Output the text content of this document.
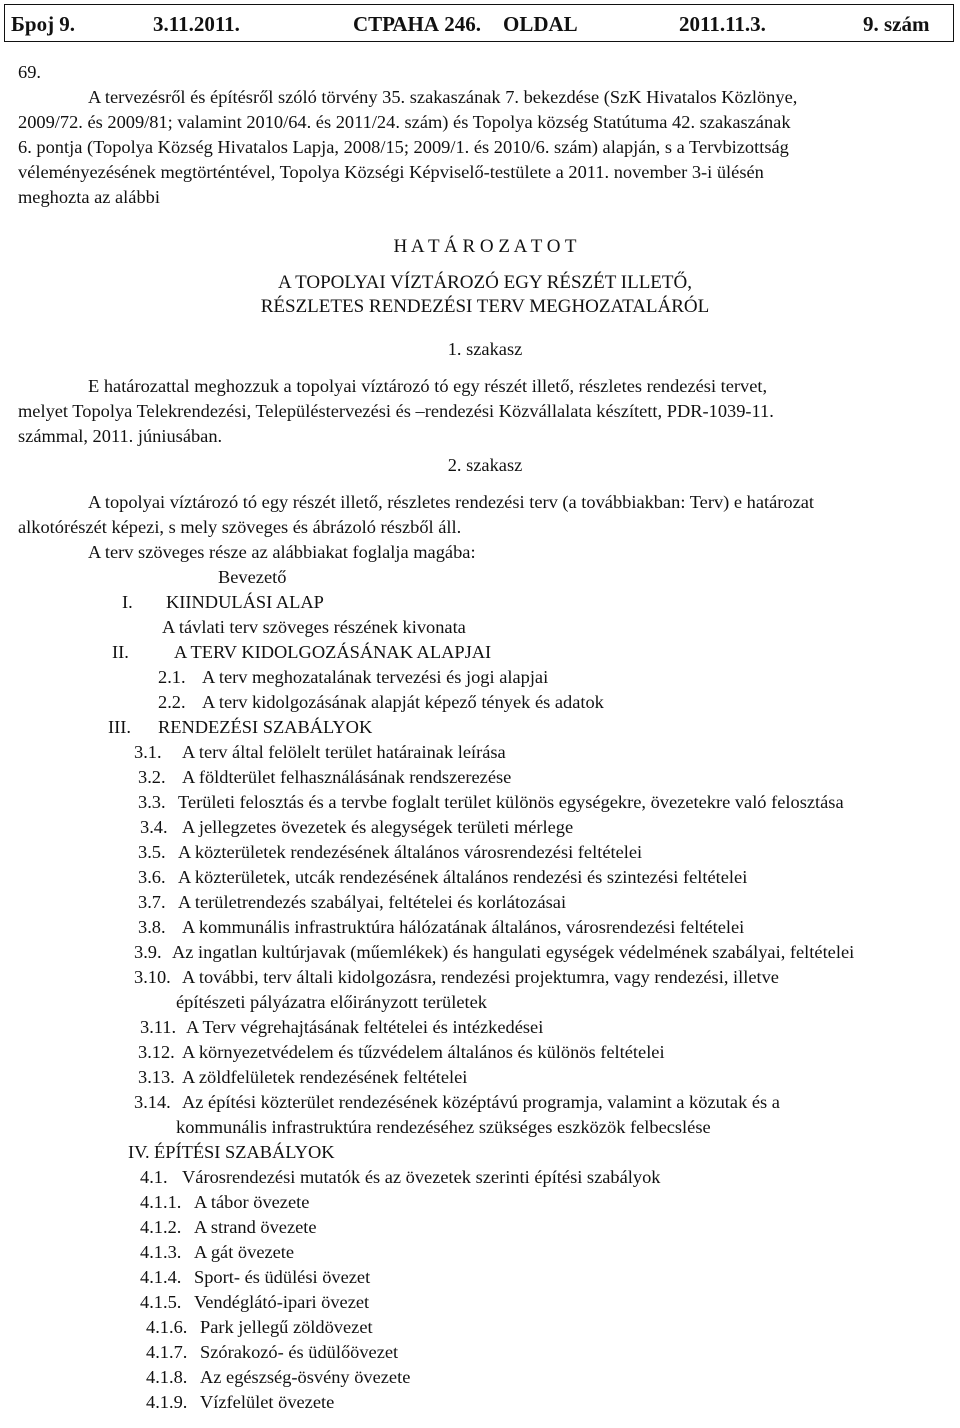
Број 9.	3.11.2011.	СТРАНА 246. OLDAL	2011.11.3.	9. szám
69.
A tervezésről és építésről szóló törvény 35. szakaszának 7. bekezdése (SzK Hivatalos Közlönye,
2009/72. és 2009/81; valamint 2010/64. és 2011/24. szám) és Topolya község Statútuma 42. szakaszának
6. pontja (Topolya Község Hivatalos Lapja, 2008/15; 2009/1. és 2010/6. szám) alapján, s a Tervbizottság
véleményezésének megtörténtével, Topolya Községi Képviselő-testülete a 2011. november 3-i ülésén
meghozta az alábbi
H A T Á R O Z A T O T
A TOPOLYAI VÍZTÁROZÓ EGY RÉSZÉT ILLETŐ,
RÉSZLETES RENDEZÉSI TERV MEGHOZATALÁRÓL
1. szakasz
E határozattal meghozzuk a topolyai víztározó tó egy részét illető, részletes rendezési tervet,
melyet Topolya Telekrendezési, Településtervezési és –rendezési Közvállalata készített, PDR-1039-11.
számmal, 2011. júniusában.
2. szakasz
A topolyai víztározó tó egy részét illető, részletes rendezési terv (a továbbiakban: Terv) e határozat
alkotórészét képezi, s mely szöveges és ábrázoló részből áll.
A terv szöveges része az alábbiakat foglalja magába:
Bevezető
I. KIINDULÁSI ALAP
A távlati terv szöveges részének kivonata
II. A TERV KIDOLGOZÁSÁNAK ALAPJAI
2.1. A terv meghozatalának tervezési és jogi alapjai
2.2. A terv kidolgozásának alapját képező tények és adatok
III. RENDEZÉSI SZABÁLYOK
3.1. A terv által felölelt terület határainak leírása
3.2. A földterület felhasználásának rendszerezése
3.3. Területi felosztás és a tervbe foglalt terület különös egységekre, övezetekre való felosztása
3.4. A jellegzetes övezetek és alegységek területi mérlege
3.5. A közterületek rendezésének általános városrendezési feltételei
3.6. A közterületek, utcák rendezésének általános rendezési és szintezési feltételei
3.7. A területrendezés szabályai, feltételei és korlátozásai
3.8. A kommunális infrastruktúra hálózatának általános, városrendezési feltételei
3.9. Az ingatlan kultúrjavak (műemlékek) és hangulati egységek védelmének szabályai, feltételei
3.10. A további, terv általi kidolgozásra, rendezési projektumra, vagy rendezési, illetve
építészeti pályázatra előirányzott területek
3.11. A Terv végrehajtásának feltételei és intézkedései
3.12. A környezetvédelem és tűzvédelem általános és különös feltételei
3.13. A zöldfelületek rendezésének feltételei
3.14. Az építési közterület rendezésének középtávú programja, valamint a közutak és a
kommunális infrastruktúra rendezéséhez szükséges eszközök felbecslése
IV. ÉPÍTÉSI SZABÁLYOK
4.1. Városrendezési mutatók és az övezetek szerinti építési szabályok
4.1.1. A tábor övezete
4.1.2. A strand övezete
4.1.3. A gát övezete
4.1.4. Sport- és üdülési övezet
4.1.5. Vendéglátó-ipari övezet
4.1.6. Park jellegű zöldövezet
4.1.7. Szórakozó- és üdülőövezet
4.1.8. Az egészség-ösvény övezete
4.1.9. Vízfelület övezete
